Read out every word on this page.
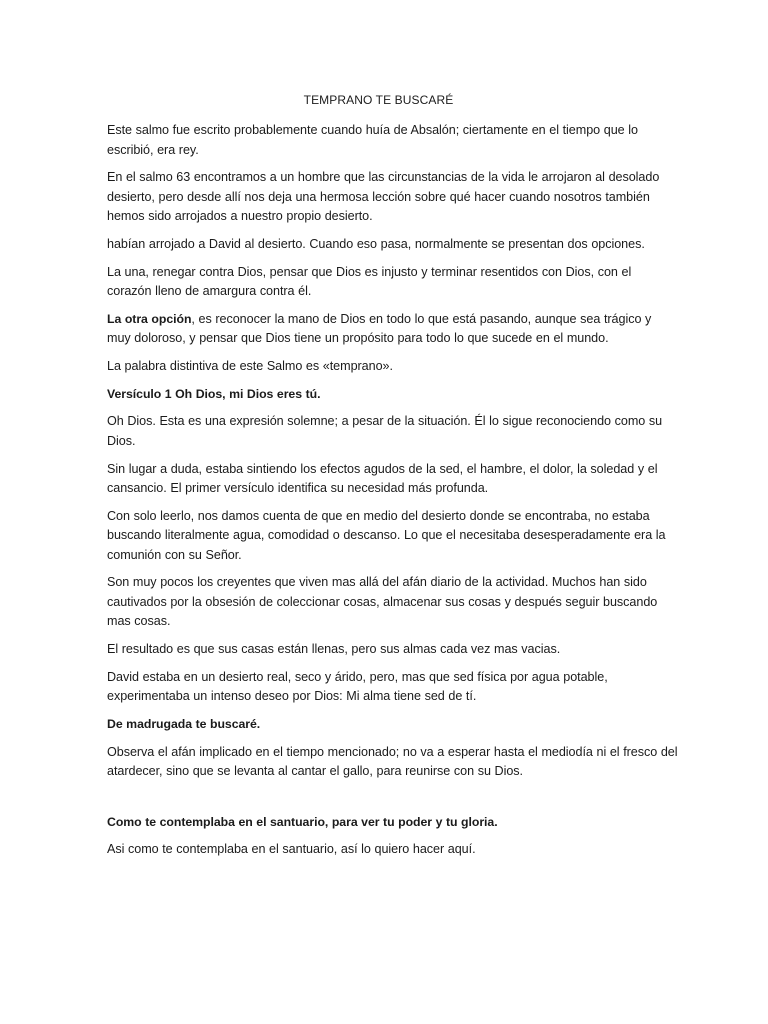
TEMPRANO TE BUSCARÉ

Este salmo fue escrito probablemente cuando huía de Absalón; ciertamente en el tiempo que lo escribió, era rey.

En el salmo 63 encontramos a un hombre que las circunstancias de la vida le arrojaron al desolado desierto, pero desde allí nos deja una hermosa lección sobre qué hacer cuando nosotros también hemos sido arrojados a nuestro propio desierto.

habían arrojado a David al desierto. Cuando eso pasa, normalmente se presentan dos opciones.

La una, renegar contra Dios, pensar que Dios es injusto y terminar resentidos con Dios, con el corazón lleno de amargura contra él.

La otra opción, es reconocer la mano de Dios en todo lo que está pasando, aunque sea trágico y muy doloroso, y pensar que Dios tiene un propósito para todo lo que sucede en el mundo.

La palabra distintiva de este Salmo es «temprano».

Versículo 1 Oh Dios, mi Dios eres tú.

Oh Dios. Esta es una expresión solemne; a pesar de la situación. Él lo sigue reconociendo como su Dios.

Sin lugar a duda, estaba sintiendo los efectos agudos de la sed, el hambre, el dolor, la soledad y el cansancio. El primer versículo identifica su necesidad más profunda.

Con solo leerlo, nos damos cuenta de que en medio del desierto donde se encontraba, no estaba buscando literalmente agua, comodidad o descanso. Lo que el necesitaba desesperadamente era la comunión con su Señor.

Son muy pocos los creyentes que viven mas allá del afán diario de la actividad. Muchos han sido cautivados por la obsesión de coleccionar cosas, almacenar sus cosas y después seguir buscando mas cosas.

El resultado es que sus casas están llenas, pero sus almas cada vez mas vacias.

David estaba en un desierto real, seco y árido, pero, mas que sed física por agua potable, experimentaba un intenso deseo por Dios: Mi alma tiene sed de tí.

De madrugada te buscaré.

Observa el afán implicado en el tiempo mencionado; no va a esperar hasta el mediodía ni el fresco del atardecer, sino que se levanta al cantar el gallo, para reunirse con su Dios.

Como te contemplaba en el santuario, para ver tu poder y tu gloria.

Asi como te contemplaba en el santuario, así lo quiero hacer aquí.
